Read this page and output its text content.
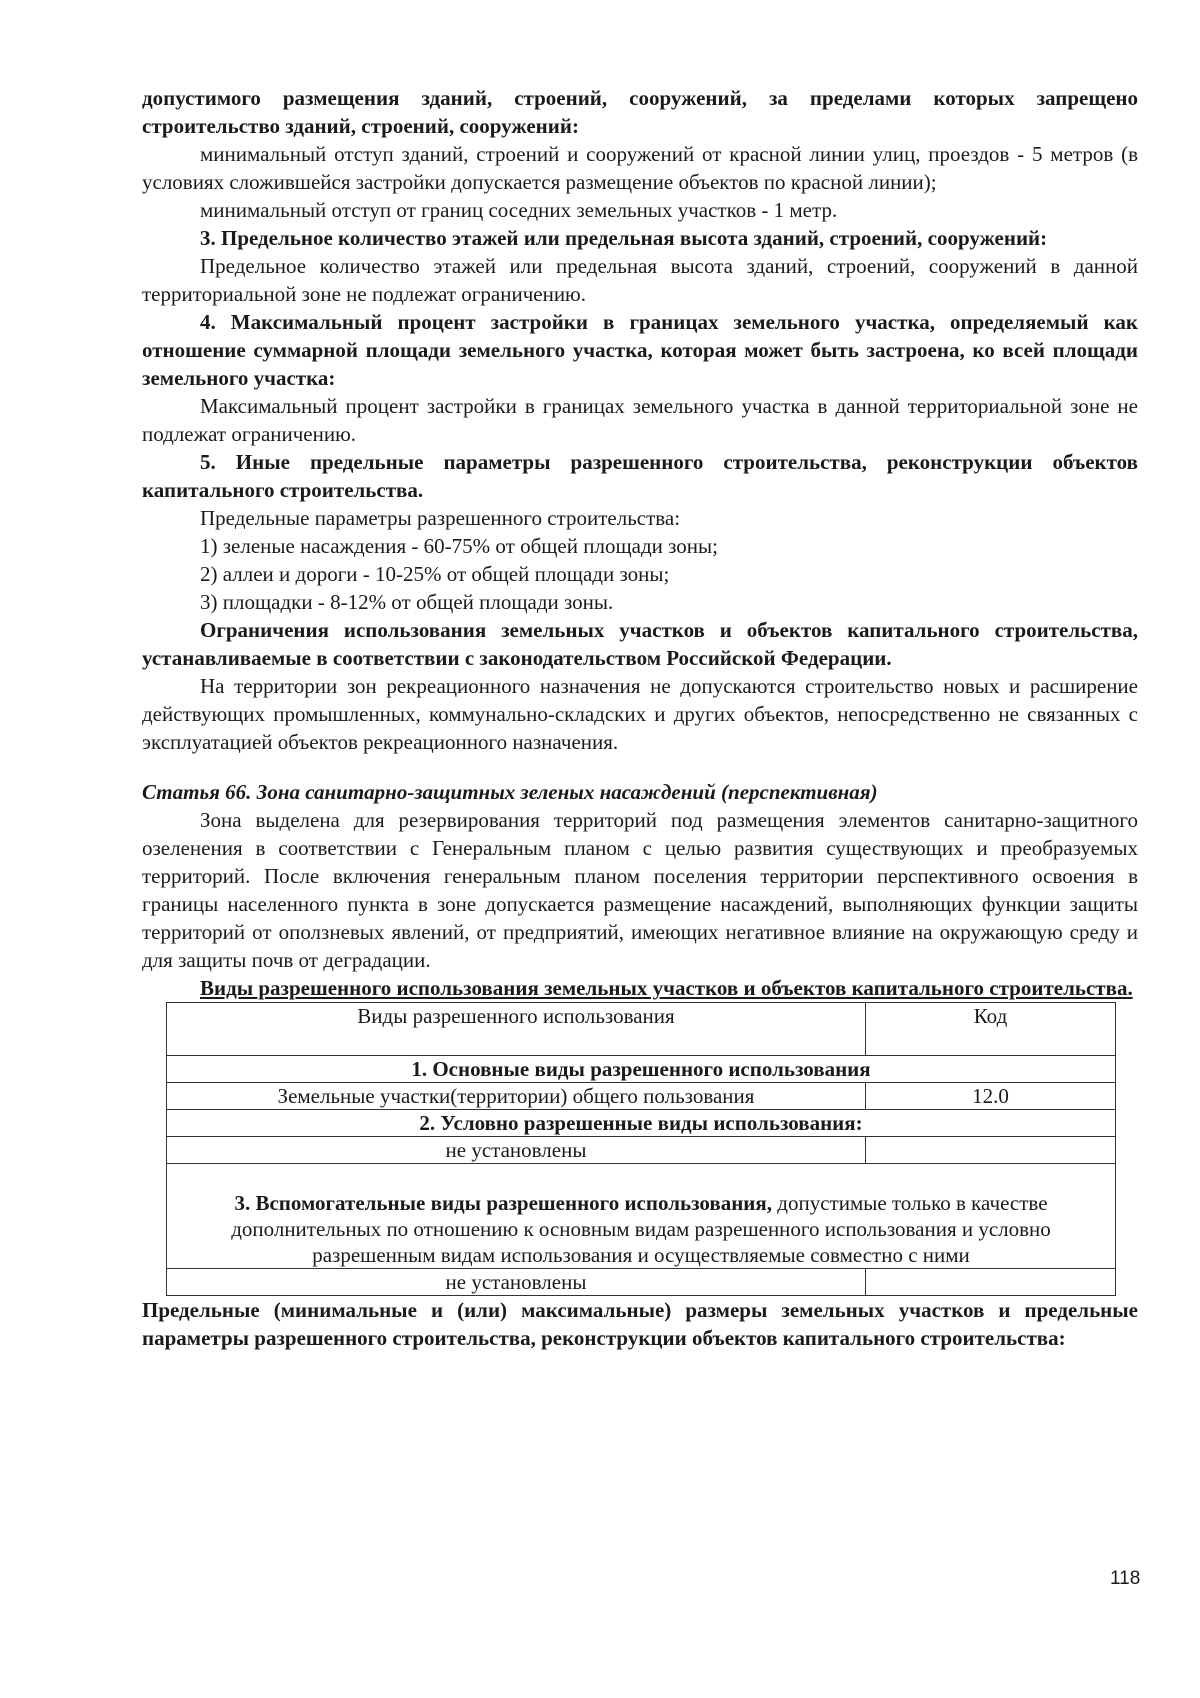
допустимого размещения зданий, строений, сооружений, за пределами которых запрещено строительство зданий, строений, сооружений:

минимальный отступ зданий, строений и сооружений от красной линии улиц, проездов - 5 метров (в условиях сложившейся застройки допускается размещение объектов по красной линии);

минимальный отступ от границ соседних земельных участков - 1 метр.

3. Предельное количество этажей или предельная высота зданий, строений, сооружений:

Предельное количество этажей или предельная высота зданий, строений, сооружений в данной территориальной зоне не подлежат ограничению.

4. Максимальный процент застройки в границах земельного участка, определяемый как отношение суммарной площади земельного участка, которая может быть застроена, ко всей площади земельного участка:

Максимальный процент застройки в границах земельного участка в данной территориальной зоне не подлежат ограничению.

5. Иные предельные параметры разрешенного строительства, реконструкции объектов капитального строительства.

Предельные параметры разрешенного строительства:

1) зеленые насаждения - 60-75% от общей площади зоны;

2) аллеи и дороги - 10-25% от общей площади зоны;

3) площадки - 8-12% от общей площади зоны.

Ограничения использования земельных участков и объектов капитального строительства, устанавливаемые в соответствии с законодательством Российской Федерации.

На территории зон рекреационного назначения не допускаются строительство новых и расширение действующих промышленных, коммунально-складских и других объектов, непосредственно не связанных с эксплуатацией объектов рекреационного назначения.

Статья 66. Зона санитарно-защитных зеленых насаждений (перспективная)

Зона выделена для резервирования территорий под размещения элементов санитарно-защитного озеленения в соответствии с Генеральным планом с целью развития существующих и преобразуемых территорий. После включения генеральным планом поселения территории перспективного освоения в границы населенного пункта в зоне допускается размещение насаждений, выполняющих функции защиты территорий от оползневых явлений, от предприятий, имеющих негативное влияние на окружающую среду и для защиты почв от деградации.

Виды разрешенного использования земельных участков и объектов капитального строительства.

Виды разрешенного использования	Код
1. Основные виды разрешенного использования	
Земельные участки(территории) общего пользования	12.0
2. Условно разрешенные виды использования:	
не установлены	
3. Вспомогательные виды разрешенного использования, допустимые только в качестве дополнительных по отношению к основным видам разрешенного использования и условно разрешенным видам использования и осуществляемые совместно с ними	
не установлены	

Предельные (минимальные и (или) максимальные) размеры земельных участков и предельные параметры разрешенного строительства, реконструкции объектов капитального строительства:

118
